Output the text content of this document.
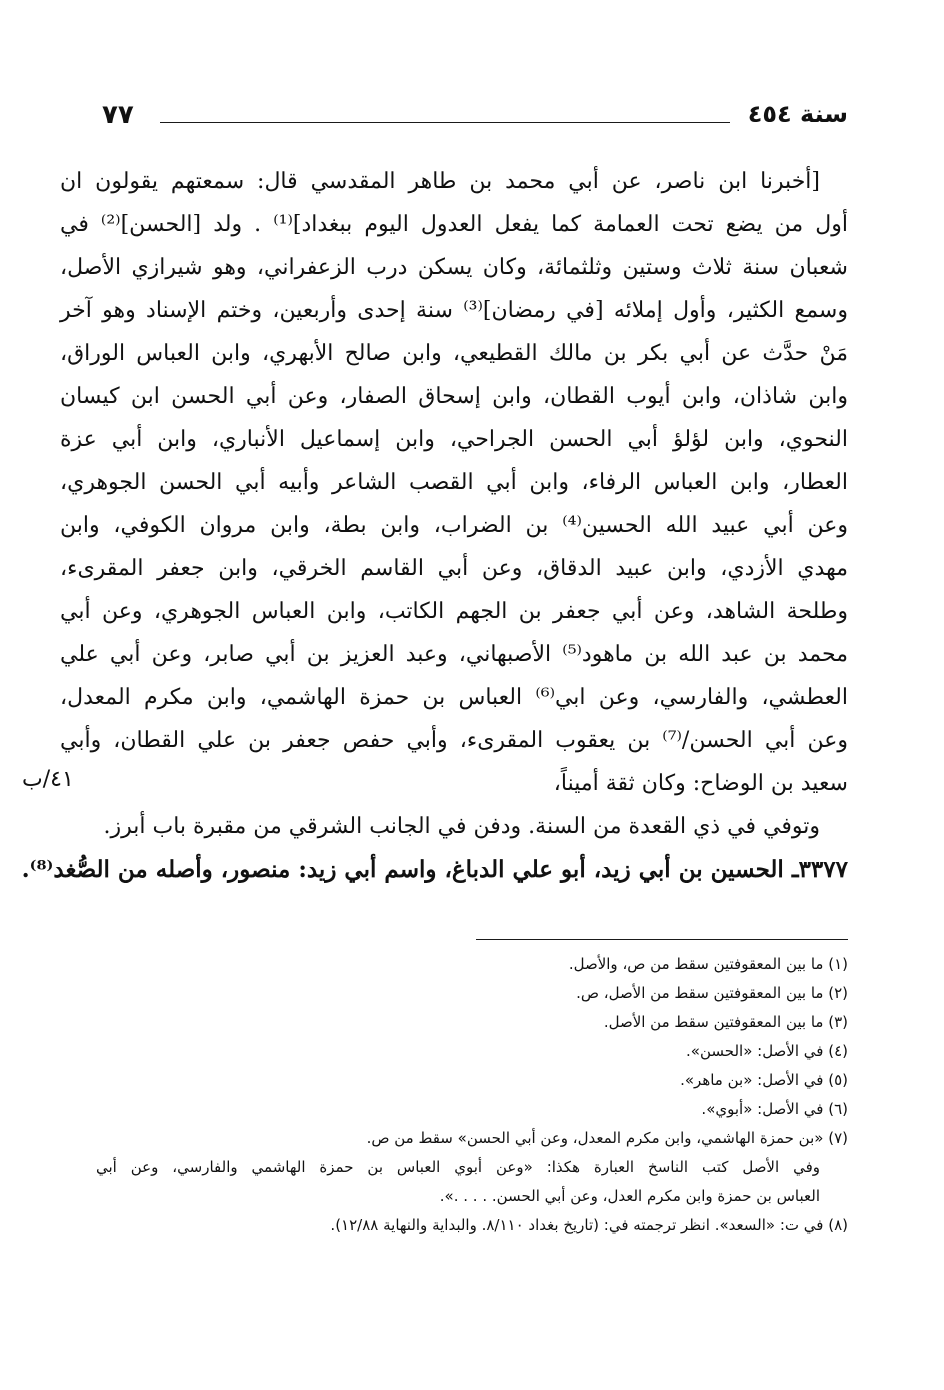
٧٧	سنة ٤٥٤
[أخبرنا ابن ناصر، عن أبي محمد بن طاهر المقدسي قال: سمعتهم يقولون ان
أول من يضع تحت العمامة كما يفعل العدول اليوم ببغداد]⁽¹⁾ . ولد [الحسن]⁽²⁾ في
شعبان سنة ثلاث وستين وثلثمائة، وكان يسكن درب الزعفراني، وهو شيرازي الأصل،
وسمع الكثير، وأول إملائه [في رمضان]⁽³⁾ سنة إحدى وأربعين، وختم الإسناد وهو آخر
مَنْ حدَّث عن أبي بكر بن مالك القطيعي، وابن صالح الأبهري، وابن العباس الوراق،
وابن شاذان، وابن أيوب القطان، وابن إسحاق الصفار، وعن أبي الحسن ابن كيسان
النحوي، وابن لؤلؤ أبي الحسن الجراحي، وابن إسماعيل الأنباري، وابن أبي عزة
العطار، وابن العباس الرفاء، وابن أبي القصب الشاعر وأبيه أبي الحسن الجوهري،
وعن أبي عبيد الله الحسين⁽⁴⁾ بن الضراب، وابن بطة، وابن مروان الكوفي، وابن
مهدي الأزدي، وابن عبيد الدقاق، وعن أبي القاسم الخرقي، وابن جعفر المقرىء،
وطلحة الشاهد، وعن أبي جعفر بن الجهم الكاتب، وابن العباس الجوهري، وعن أبي
محمد بن عبد الله بن ماهود⁽⁵⁾ الأصبهاني، وعبد العزيز بن أبي صابر، وعن أبي علي
العطشي، والفارسي، وعن ابي⁽⁶⁾ العباس بن حمزة الهاشمي، وابن مكرم المعدل،
وعن أبي الحسن/⁽⁷⁾ بن يعقوب المقرىء، وأبي حفص جعفر بن علي القطان، وأبي
سعيد بن الوضاح: وكان ثقة أميناً،
وتوفي في ذي القعدة من السنة. ودفن في الجانب الشرقي من مقبرة باب أبرز.
٣٣٧٧ـ الحسين بن أبي زيد، أبو علي الدباغ، واسم أبي زيد: منصور، وأصله من الصُّغد⁽⁸⁾.
٤١/ب
(١) ما بين المعقوفتين سقط من ص، والأصل.
(٢) ما بين المعقوفتين سقط من الأصل، ص.
(٣) ما بين المعقوفتين سقط من الأصل.
(٤) في الأصل: «الحسن».
(٥) في الأصل: «بن ماهر».
(٦) في الأصل: «أبوي».
(٧) «بن حمزة الهاشمي، وابن مكرم المعدل، وعن أبي الحسن» سقط من ص.
وفي الأصل كتب الناسخ العبارة هكذا: «وعن أبوي العباس بن حمزة الهاشمي والفارسي، وعن أبي
العباس بن حمزة وابن مكرم العدل، وعن أبي الحسن. . . . .».
(٨) في ت: «السعد». انظر ترجمته في: (تاريخ بغداد ٨/١١٠. والبداية والنهاية ١٢/٨٨).
